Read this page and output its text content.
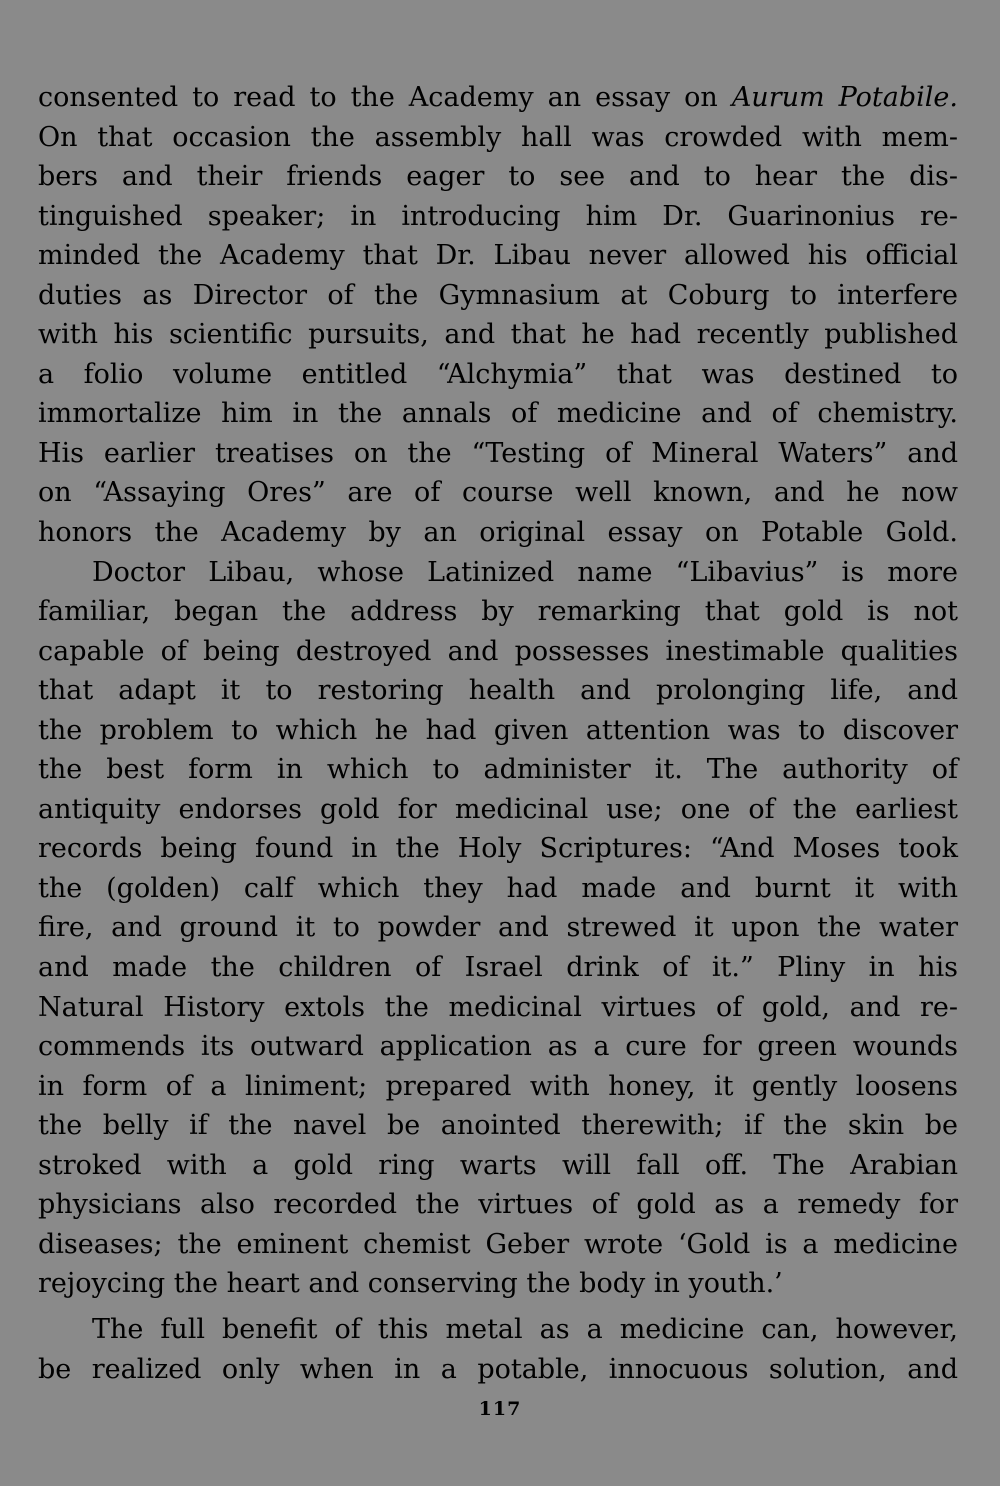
consented to read to the Academy an essay on Aurum Potabile.
On that occasion the assembly hall was crowded with mem-
bers and their friends eager to see and to hear the dis-
tinguished speaker; in introducing him Dr. Guarinonius re-
minded the Academy that Dr. Libau never allowed his official
duties as Director of the Gymnasium at Coburg to interfere
with his scientific pursuits, and that he had recently published
a folio volume entitled “Alchymia” that was destined to
immortalize him in the annals of medicine and of chemistry.
His earlier treatises on the “Testing of Mineral Waters” and
on “Assaying Ores” are of course well known, and he now
honors the Academy by an original essay on Potable Gold.
Doctor Libau, whose Latinized name “Libavius” is more
familiar, began the address by remarking that gold is not
capable of being destroyed and possesses inestimable qualities
that adapt it to restoring health and prolonging life, and
the problem to which he had given attention was to discover
the best form in which to administer it. The authority of
antiquity endorses gold for medicinal use; one of the earliest
records being found in the Holy Scriptures: “And Moses took
the (golden) calf which they had made and burnt it with
fire, and ground it to powder and strewed it upon the water
and made the children of Israel drink of it.” Pliny in his
Natural History extols the medicinal virtues of gold, and re-
commends its outward application as a cure for green wounds
in form of a liniment; prepared with honey, it gently loosens
the belly if the navel be anointed therewith; if the skin be
stroked with a gold ring warts will fall off. The Arabian
physicians also recorded the virtues of gold as a remedy for
diseases; the eminent chemist Geber wrote ‘Gold is a medicine
rejoycing the heart and conserving the body in youth.’
The full benefit of this metal as a medicine can, however,
be realized only when in a potable, innocuous solution, and
117
